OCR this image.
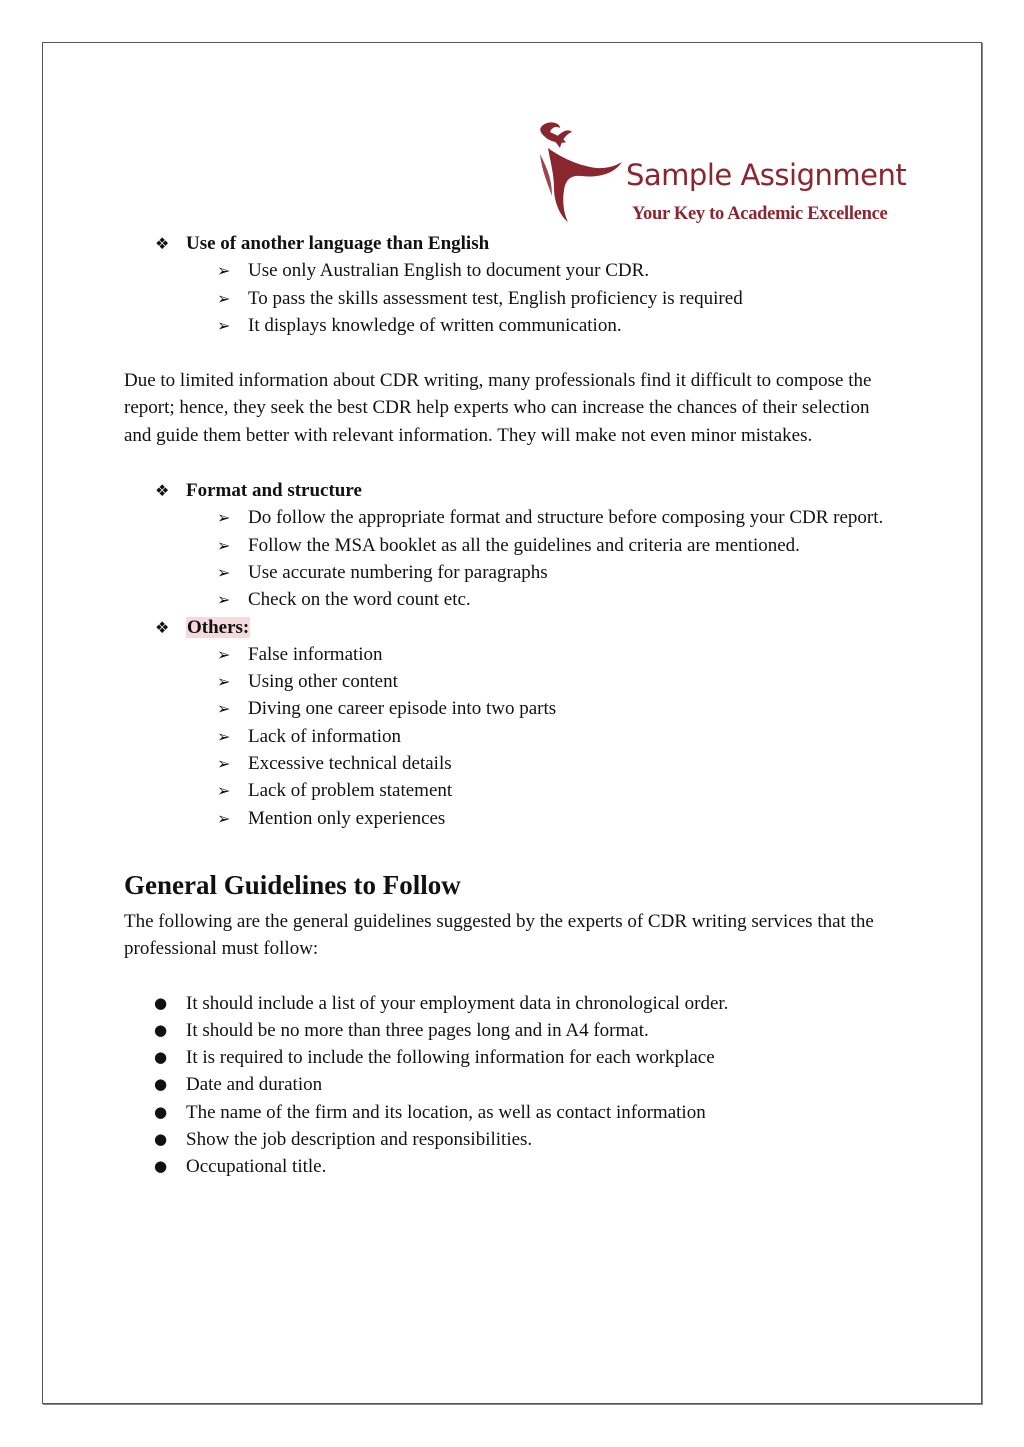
Sample Assignment
Your Key to Academic Excellence
❖ Use of another language than English
➢ Use only Australian English to document your CDR.
➢ To pass the skills assessment test, English proficiency is required
➢ It displays knowledge of written communication.

Due to limited information about CDR writing, many professionals find it difficult to compose the report; hence, they seek the best CDR help experts who can increase the chances of their selection and guide them better with relevant information. They will make not even minor mistakes.

❖ Format and structure
➢ Do follow the appropriate format and structure before composing your CDR report.
➢ Follow the MSA booklet as all the guidelines and criteria are mentioned.
➢ Use accurate numbering for paragraphs
➢ Check on the word count etc.
❖ Others:
➢ False information
➢ Using other content
➢ Diving one career episode into two parts
➢ Lack of information
➢ Excessive technical details
➢ Lack of problem statement
➢ Mention only experiences
General Guidelines to Follow

The following are the general guidelines suggested by the experts of CDR writing services that the professional must follow:

● It should include a list of your employment data in chronological order.
● It should be no more than three pages long and in A4 format.
● It is required to include the following information for each workplace
● Date and duration
● The name of the firm and its location, as well as contact information
● Show the job description and responsibilities.
● Occupational title.
